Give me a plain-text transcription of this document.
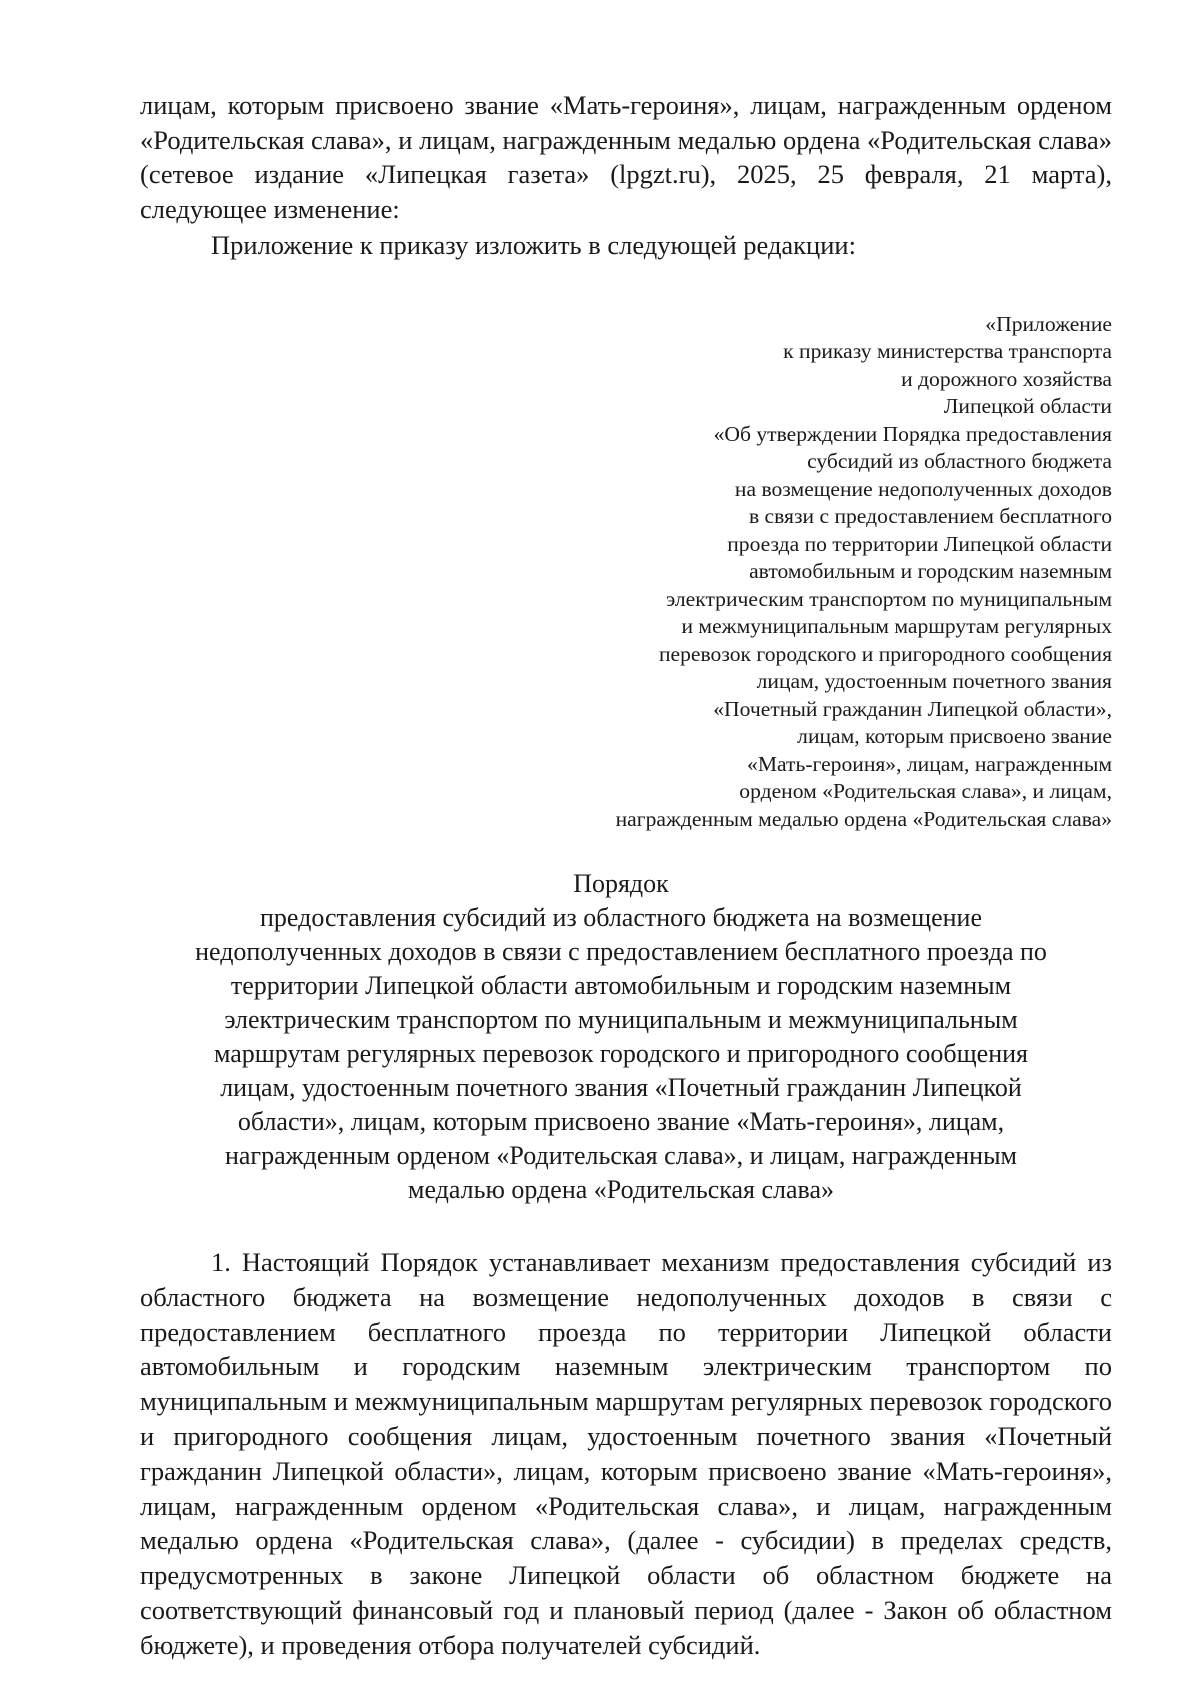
лицам, которым присвоено звание «Мать-героиня», лицам, награжденным орденом «Родительская слава», и лицам, награжденным медалью ордена «Родительская слава» (сетевое издание «Липецкая газета» (lpgzt.ru), 2025, 25 февраля, 21 марта), следующее изменение:

Приложение к приказу изложить в следующей редакции:

«Приложение
к приказу министерства транспорта
и дорожного хозяйства
Липецкой области
«Об утверждении Порядка предоставления
субсидий из областного бюджета
на возмещение недополученных доходов
в связи с предоставлением бесплатного
проезда по территории Липецкой области
автомобильным и городским наземным
электрическим транспортом по муниципальным
и межмуниципальным маршрутам регулярных
перевозок городского и пригородного сообщения
лицам, удостоенным почетного звания
«Почетный гражданин Липецкой области»,
лицам, которым присвоено звание
«Мать-героиня», лицам, награжденным
орденом «Родительская слава», и лицам,
награжденным медалью ордена «Родительская слава»
Порядок
предоставления субсидий из областного бюджета на возмещение
недополученных доходов в связи с предоставлением бесплатного проезда по
территории Липецкой области автомобильным и городским наземным
электрическим транспортом по муниципальным и межмуниципальным
маршрутам регулярных перевозок городского и пригородного сообщения
лицам, удостоенным почетного звания «Почетный гражданин Липецкой
области», лицам, которым присвоено звание «Мать-героиня», лицам,
награжденным орденом «Родительская слава», и лицам, награжденным
медалью ордена «Родительская слава»

1. Настоящий Порядок устанавливает механизм предоставления субсидий из областного бюджета на возмещение недополученных доходов в связи с предоставлением бесплатного проезда по территории Липецкой области автомобильным и городским наземным электрическим транспортом по муниципальным и межмуниципальным маршрутам регулярных перевозок городского и пригородного сообщения лицам, удостоенным почетного звания «Почетный гражданин Липецкой области», лицам, которым присвоено звание «Мать-героиня», лицам, награжденным орденом «Родительская слава», и лицам, награжденным медалью ордена «Родительская слава», (далее - субсидии) в пределах средств, предусмотренных в законе Липецкой области об областном бюджете на соответствующий финансовый год и плановый период (далее - Закон об областном бюджете), и проведения отбора получателей субсидий.
